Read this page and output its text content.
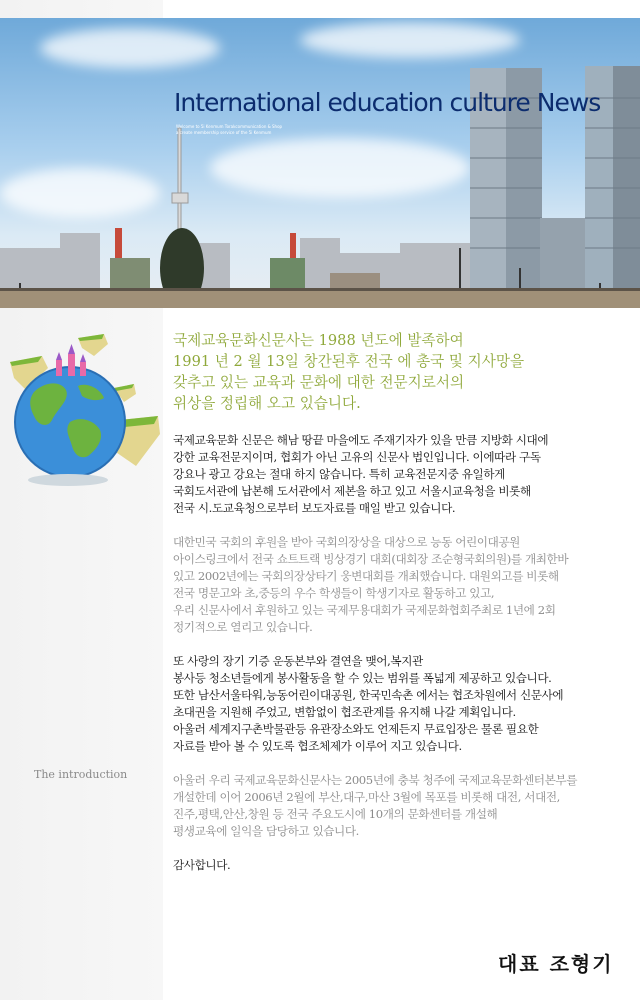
International education culture News
Welcome to 5i Kenmum Torakcommunication & Shop
a create membership service of the 5i Kenmum
The introduction
국제교육문화신문사는 1988 년도에 발족하여
1991 년 2 월 13일 창간된후 전국 에 총국 및 지사망을
갖추고 있는 교육과 문화에 대한 전문지로서의
위상을 정립해 오고 있습니다.
국제교육문화 신문은 해남 땅끝 마을에도 주재기자가 있을 만큼 지방화 시대에
강한 교육전문지이며, 협회가 아닌 고유의 신문사 법인입니다. 이에따라 구독
강요나 광고 강요는 절대 하지 않습니다. 특히 교육전문지중 유일하게
국회도서관에 납본해 도서관에서 제본을 하고 있고 서울시교육청을 비롯해
전국 시.도교육청으로부터 보도자료를 매일 받고 있습니다.
대한민국 국회의 후원을 받아 국회의장상을 대상으로 능동 어린이대공원
아이스링크에서 전국 쇼트트랙 빙상경기 대회(대회장 조순형국회의원)를 개최한바
있고 2002년에는 국회의장상타기 웅변대회를 개최했습니다. 대원외고를 비롯해
전국 명문고와 초,중등의 우수 학생들이 학생기자로 활동하고 있고,
우리 신문사에서 후원하고 있는 국제무용대회가 국제문화협회주최로 1년에 2회
정기적으로 열리고 있습니다.
또 사랑의 장기 기증 운동본부와 결연을 맺어,복지관
봉사등 청소년들에게 봉사활동을 할 수 있는 범위를 폭넓게 제공하고 있습니다.
또한 남산서울타워,능동어린이대공원, 한국민속촌 에서는 협조차원에서 신문사에
초대권을 지원해 주었고, 변함없이 협조관계를 유지해 나갈 계획입니다.
아울러 세계지구촌박물관등 유관장소와도 언제든지 무료입장은 물론 필요한
자료를 받아 볼 수 있도록 협조체제가 이루어 지고 있습니다.
아울러 우리 국제교육문화신문사는 2005년에 충북 청주에 국제교육문화센터본부를
개설한데 이어 2006년 2월에 부산,대구,마산 3월에 목포를 비롯해 대전, 서대전,
진주,평택,안산,창원 등 전국 주요도시에 10개의 문화센터를 개설해
평생교육에 일익을 담당하고 있습니다.
감사합니다.
대표 조형기
